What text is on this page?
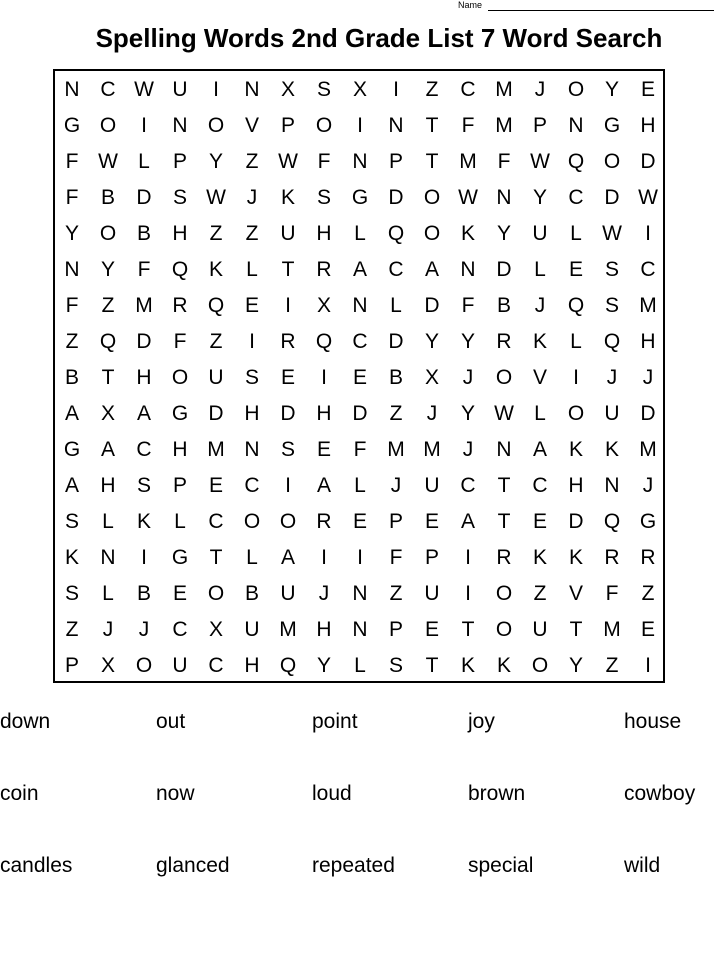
Name
Spelling Words 2nd Grade List 7 Word Search
N C W U	I	N	X	S	X	I	Z	C M	J	O Y	E
G O	I	N O V	P O	I	N	T	F M P	N G H
F W L	P	Y	Z W F	N	P	T M F W Q O D
F	B	D	S W J	K	S G D O W N	Y	C D W
Y O B	H	Z	Z	U H	L	Q O K	Y	U	L W	I
N	Y	F	Q K	L	T	R	A	C	A	N D	L	E	S	C
F	Z M R Q E	I	X	N	L	D	F	B	J	Q S M
Z	Q D	F	Z	I	R Q C D	Y	Y	R	K	L	Q H
B	T	H O U	S	E	I	E	B	X	J	O V	I	J	J
A	X	A G D H D H D	Z	J	Y W L	O U D
G A	C H M N	S	E	F M M	J	N	A	K	K M
A	H	S	P	E	C	I	A	L	J	U C	T	C H N	J
S	L	K	L	C O O R	E	P	E	A	T	E	D Q G
K	N	I	G	T	L	A	I	I	F	P	I	R	K	K	R R
S	L	B	E O B	U	J	N	Z	U	I	O	Z	V	F	Z
Z	J	J	C	X	U M H N	P	E	T	O U	T M E
P	X O U C H Q Y	L	S	T	K	K O Y	Z	I
down	out	point	joy	house
coin	now	loud	brown	cowboy
candles	glanced	repeated	special	wild
